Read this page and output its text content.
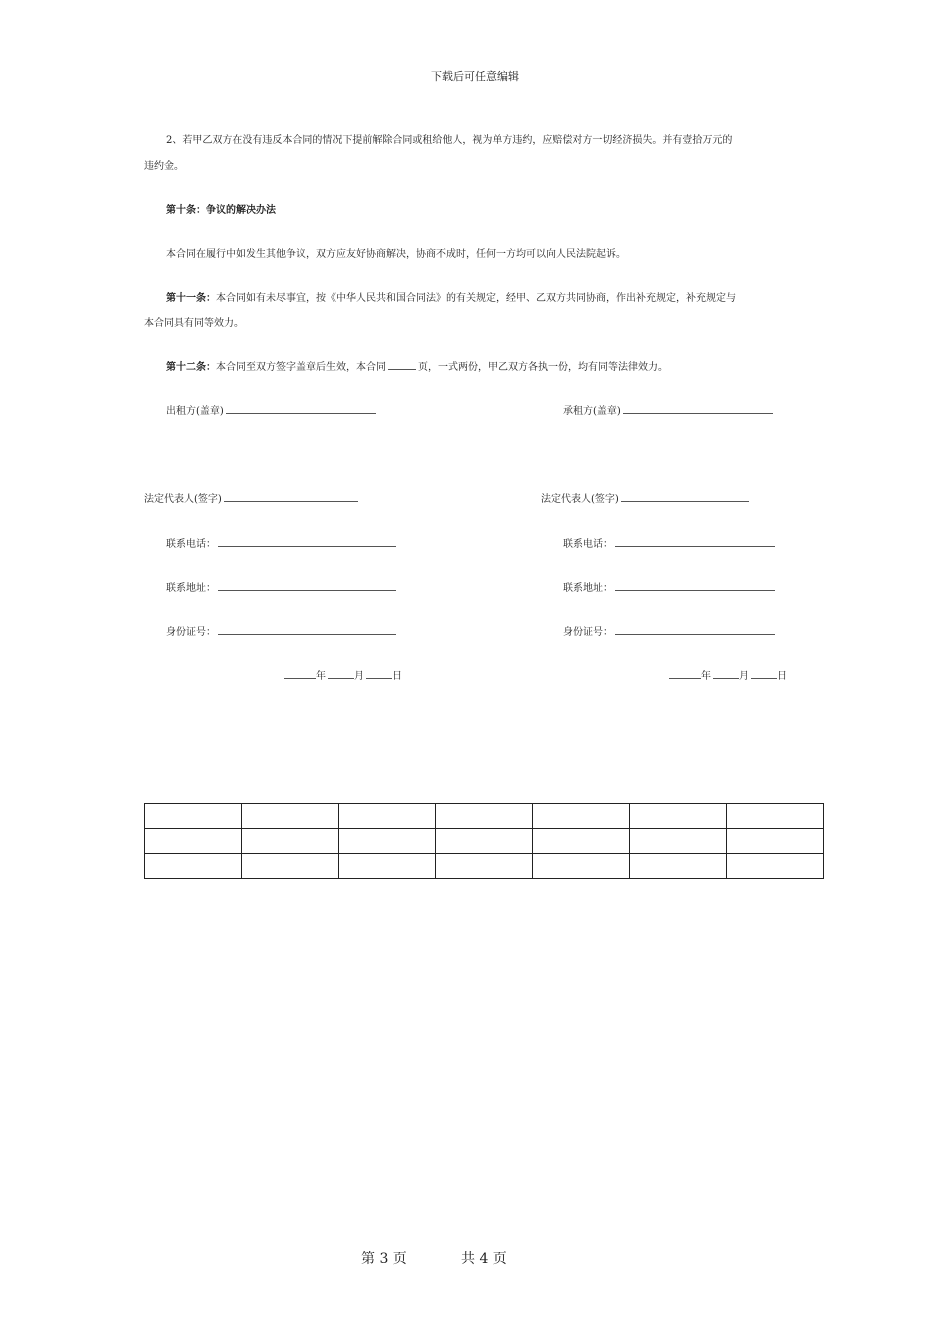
下载后可任意编辑
2、若甲乙双方在没有违反本合同的情况下提前解除合同或租给他人，视为单方违约，应赔偿对方一切经济损失。并有壹拾万元的
违约金。
第十条：争议的解决办法
本合同在履行中如发生其他争议，双方应友好协商解决，协商不成时，任何一方均可以向人民法院起诉。
第十一条：本合同如有未尽事宜，按《中华人民共和国合同法》的有关规定，经甲、乙双方共同协商，作出补充规定，补充规定与
本合同具有同等效力。
第十二条：本合同至双方签字盖章后生效，本合同	页，一式两份，甲乙双方各执一份，均有同等法律效力。
出租方(盖章)	承租方(盖章)
法定代表人(签字)	法定代表人(签字)
联系电话：	联系电话：
联系地址：	联系地址：
身份证号：	身份证号：
年	月	日	年	月	日

第 3 页	共 4 页
